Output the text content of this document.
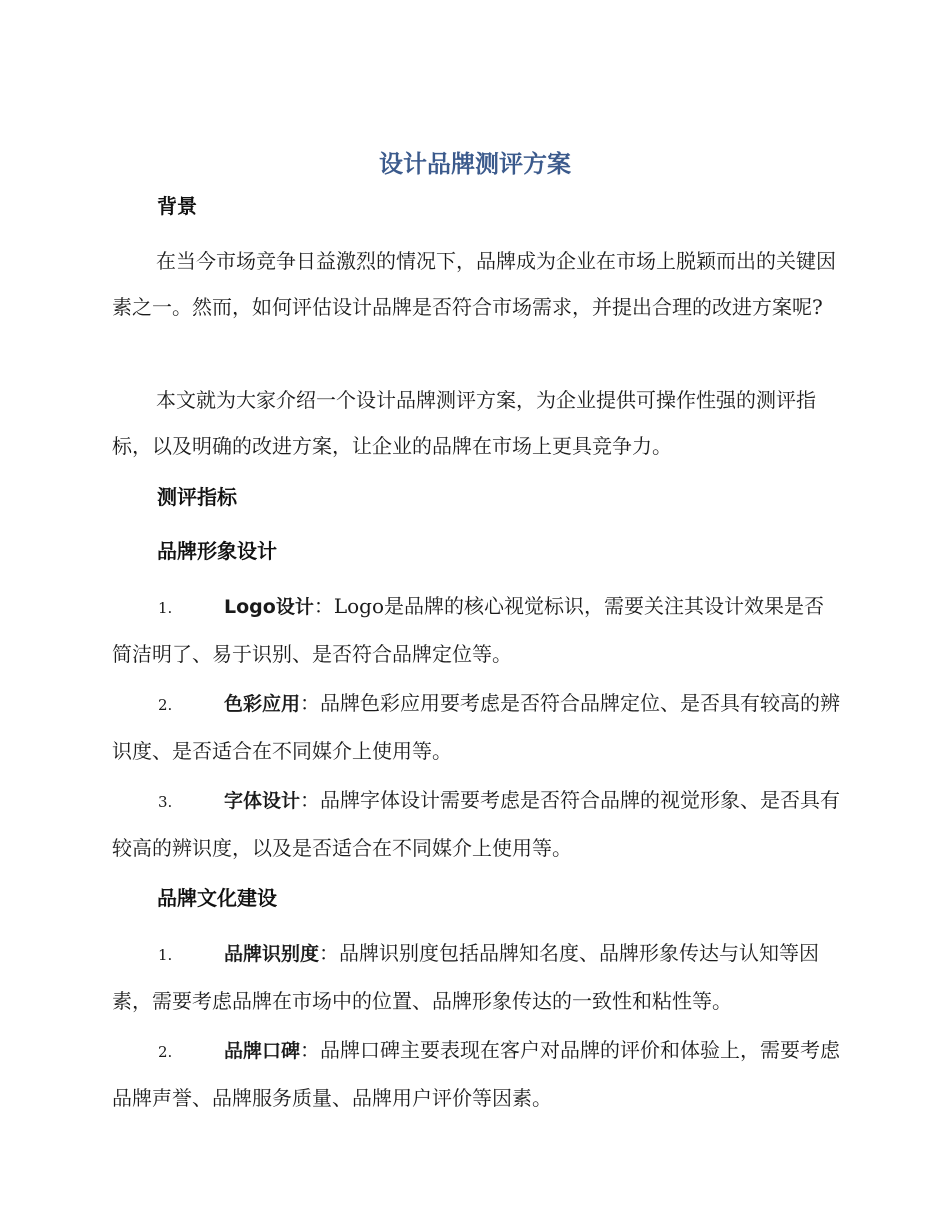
设计品牌测评方案
背景

在当今市场竞争日益激烈的情况下，品牌成为企业在市场上脱颖而出的关键因素之一。然而，如何评估设计品牌是否符合市场需求，并提出合理的改进方案呢?

本文就为大家介绍一个设计品牌测评方案，为企业提供可操作性强的测评指标，以及明确的改进方案，让企业的品牌在市场上更具竞争力。

测评指标
品牌形象设计

1.	Logo设计：Logo是品牌的核心视觉标识，需要关注其设计效果是否简洁明了、易于识别、是否符合品牌定位等。

2.	色彩应用：品牌色彩应用要考虑是否符合品牌定位、是否具有较高的辨识度、是否适合在不同媒介上使用等。

3.	字体设计：品牌字体设计需要考虑是否符合品牌的视觉形象、是否具有较高的辨识度，以及是否适合在不同媒介上使用等。

品牌文化建设

1.	品牌识别度：品牌识别度包括品牌知名度、品牌形象传达与认知等因素，需要考虑品牌在市场中的位置、品牌形象传达的一致性和粘性等。

2.	品牌口碑：品牌口碑主要表现在客户对品牌的评价和体验上，需要考虑品牌声誉、品牌服务质量、品牌用户评价等因素。
